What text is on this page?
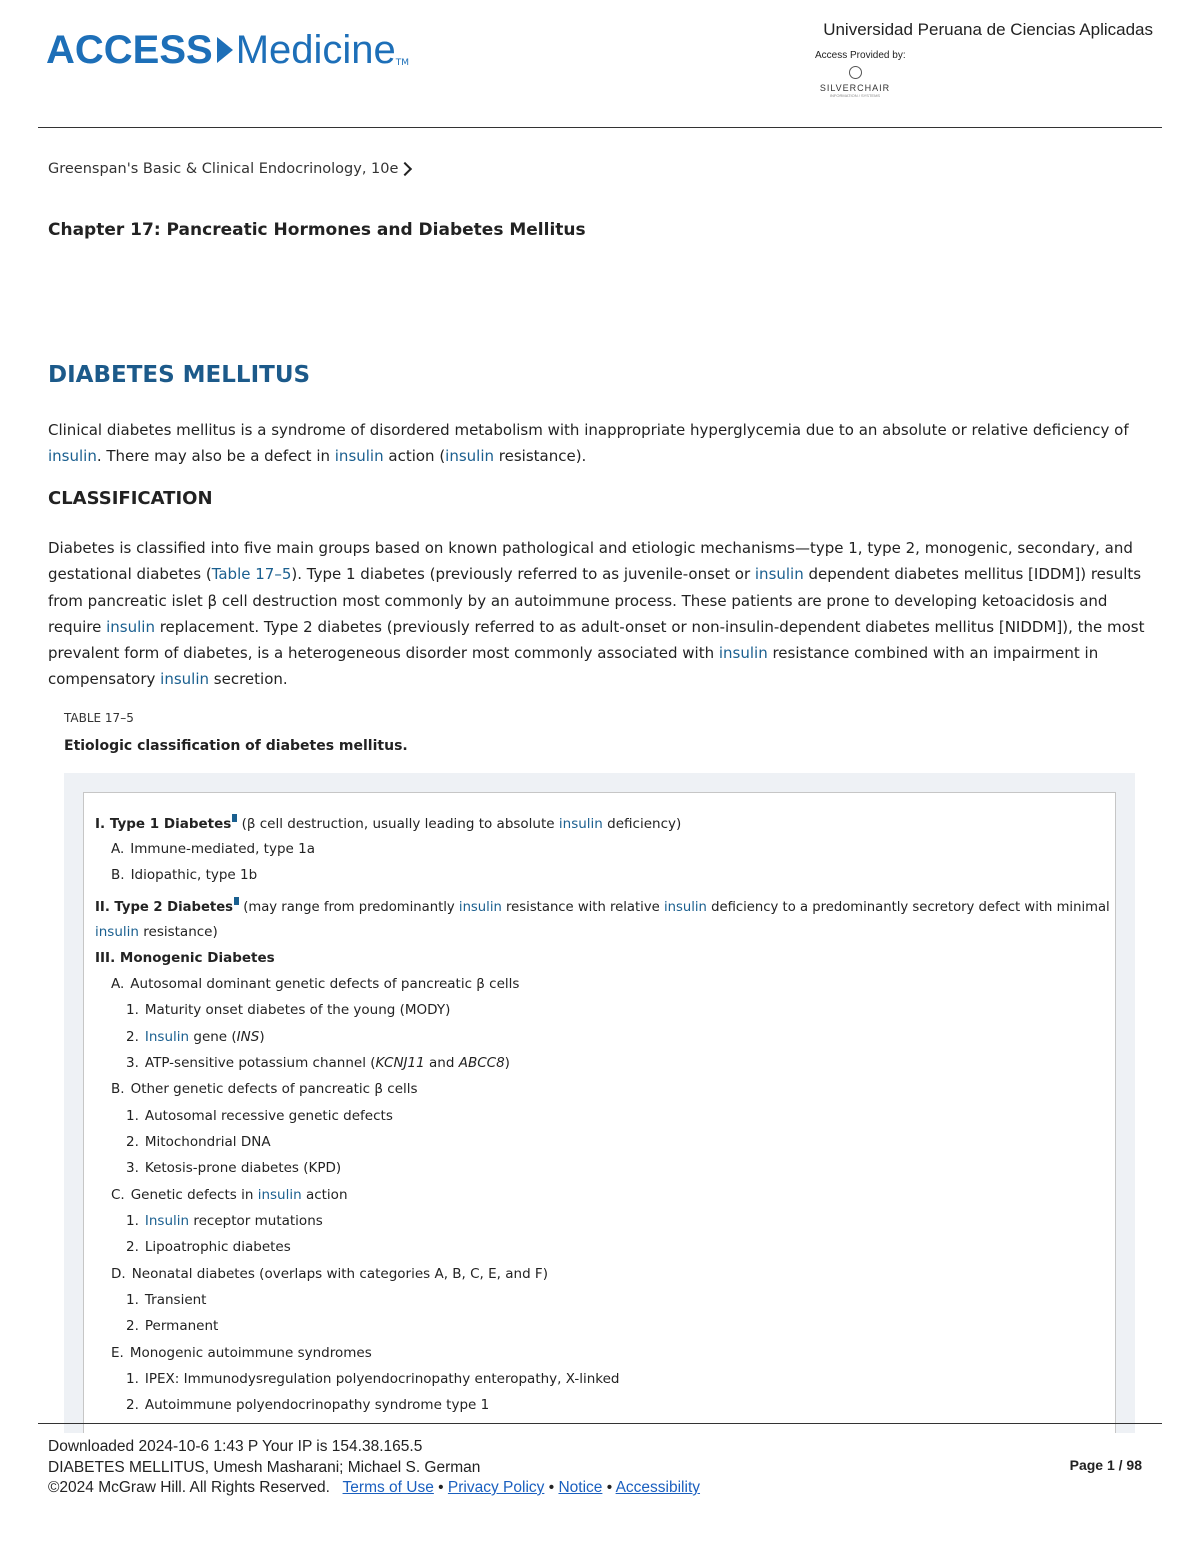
ACCESS Medicine TM
Universidad Peruana de Ciencias Aplicadas
Access Provided by:
SILVERCHAIR
INFORMATION / SYSTEMS
Greenspan's Basic & Clinical Endocrinology, 10e
Chapter 17: Pancreatic Hormones and Diabetes Mellitus
DIABETES MELLITUS
Clinical diabetes mellitus is a syndrome of disordered metabolism with inappropriate hyperglycemia due to an absolute or relative deficiency of insulin. There may also be a defect in insulin action (insulin resistance).
CLASSIFICATION
Diabetes is classified into five main groups based on known pathological and etiologic mechanisms—type 1, type 2, monogenic, secondary, and gestational diabetes (Table 17–5). Type 1 diabetes (previously referred to as juvenile-onset or insulin dependent diabetes mellitus [IDDM]) results from pancreatic islet β cell destruction most commonly by an autoimmune process. These patients are prone to developing ketoacidosis and require insulin replacement. Type 2 diabetes (previously referred to as adult-onset or non-insulin-dependent diabetes mellitus [NIDDM]), the most prevalent form of diabetes, is a heterogeneous disorder most commonly associated with insulin resistance combined with an impairment in compensatory insulin secretion.
TABLE 17–5
Etiologic classification of diabetes mellitus.
I. Type 1 Diabetes (β cell destruction, usually leading to absolute insulin deficiency)
A. Immune-mediated, type 1a
B. Idiopathic, type 1b
II. Type 2 Diabetes (may range from predominantly insulin resistance with relative insulin deficiency to a predominantly secretory defect with minimal
insulin resistance)
III. Monogenic Diabetes
A. Autosomal dominant genetic defects of pancreatic β cells
1. Maturity onset diabetes of the young (MODY)
2. Insulin gene (INS)
3. ATP-sensitive potassium channel (KCNJ11 and ABCC8)
B. Other genetic defects of pancreatic β cells
1. Autosomal recessive genetic defects
2. Mitochondrial DNA
3. Ketosis-prone diabetes (KPD)
C. Genetic defects in insulin action
1. Insulin receptor mutations
2. Lipoatrophic diabetes
D. Neonatal diabetes (overlaps with categories A, B, C, E, and F)
1. Transient
2. Permanent
E. Monogenic autoimmune syndromes
1. IPEX: Immunodysregulation polyendocrinopathy enteropathy, X-linked
2. Autoimmune polyendocrinopathy syndrome type 1
Downloaded 2024-10-6 1:43 P Your IP is 154.38.165.5
DIABETES MELLITUS, Umesh Masharani; Michael S. German
©2024 McGraw Hill. All Rights Reserved. Terms of Use • Privacy Policy • Notice • Accessibility
Page 1 / 98
